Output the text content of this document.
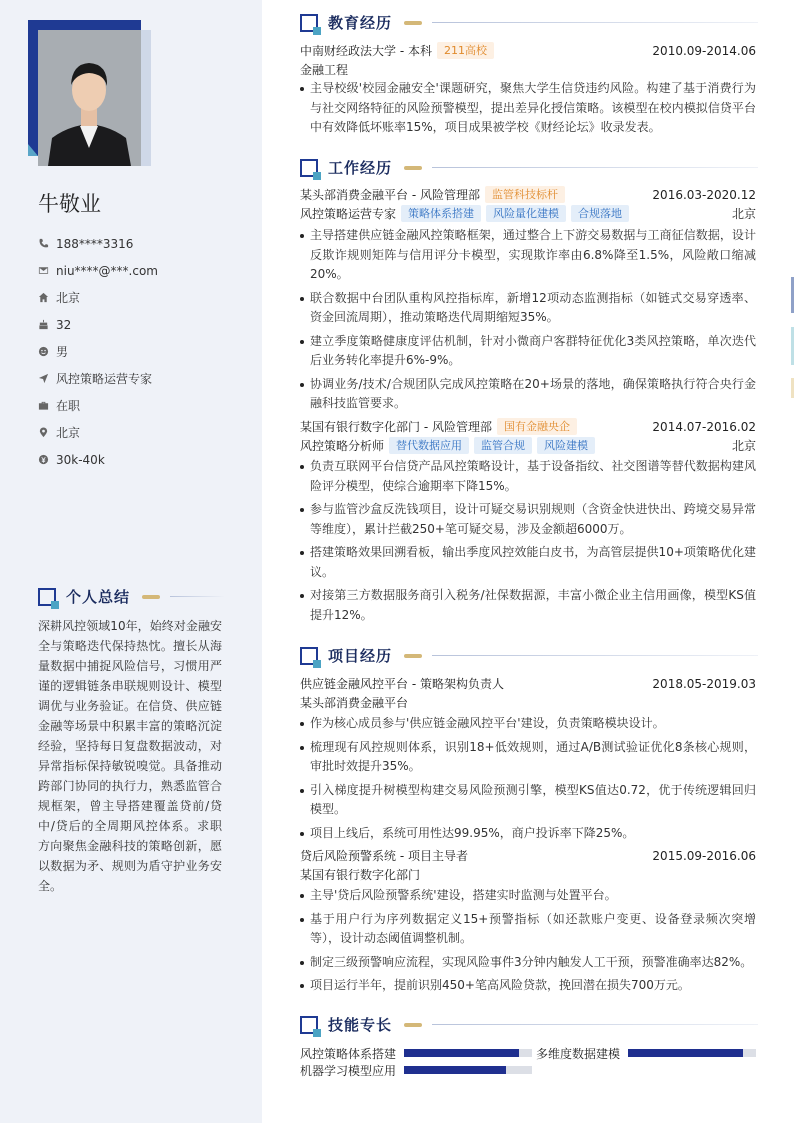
牛敬业
188****3316
niu****@***.com
北京
32
男
风控策略运营专家
在职
北京
30k-40k
个人总结
深耕风控领域10年，始终对金融安全与策略迭代保持热忱。擅长从海量数据中捕捉风险信号，习惯用严谨的逻辑链条串联规则设计、模型调优与业务验证。在信贷、供应链金融等场景中积累丰富的策略沉淀经验，坚持每日复盘数据波动，对异常指标保持敏锐嗅觉。具备推动跨部门协同的执行力，熟悉监管合规框架，曾主导搭建覆盖贷前/贷中/贷后的全周期风控体系。求职方向聚焦金融科技的策略创新，愿以数据为矛、规则为盾守护业务安全。
教育经历
中南财经政法大学 - 本科	211高校	2010.09-2014.06
金融工程
主导校级'校园金融安全'课题研究，聚焦大学生信贷违约风险。构建了基于消费行为与社交网络特征的风险预警模型，提出差异化授信策略。该模型在校内模拟信贷平台中有效降低坏账率15%，项目成果被学校《财经论坛》收录发表。
工作经历
某头部消费金融平台 - 风险管理部	监管科技标杆	2016.03-2020.12
风控策略运营专家	策略体系搭建	风险量化建模	合规落地	北京
主导搭建供应链金融风控策略框架，通过整合上下游交易数据与工商征信数据，设计反欺诈规则矩阵与信用评分卡模型，实现欺诈率由6.8%降至1.5%，风险敞口缩减20%。
联合数据中台团队重构风控指标库，新增12项动态监测指标（如链式交易穿透率、资金回流周期），推动策略迭代周期缩短35%。
建立季度策略健康度评估机制，针对小微商户客群特征优化3类风控策略，单次迭代后业务转化率提升6%-9%。
协调业务/技术/合规团队完成风控策略在20+场景的落地，确保策略执行符合央行金融科技监管要求。
某国有银行数字化部门 - 风险管理部	国有金融央企	2014.07-2016.02
风控策略分析师	替代数据应用	监管合规	风险建模	北京
负责互联网平台信贷产品风控策略设计，基于设备指纹、社交图谱等替代数据构建风险评分模型，使综合逾期率下降15%。
参与监管沙盒反洗钱项目，设计可疑交易识别规则（含资金快进快出、跨境交易异常等维度），累计拦截250+笔可疑交易，涉及金额超6000万。
搭建策略效果回溯看板，输出季度风控效能白皮书，为高管层提供10+项策略优化建议。
对接第三方数据服务商引入税务/社保数据源，丰富小微企业主信用画像，模型KS值提升12%。
项目经历
供应链金融风控平台 - 策略架构负责人	2018.05-2019.03
某头部消费金融平台
作为核心成员参与'供应链金融风控平台'建设，负责策略模块设计。
梳理现有风控规则体系，识别18+低效规则，通过A/B测试验证优化8条核心规则，审批时效提升35%。
引入梯度提升树模型构建交易风险预测引擎，模型KS值达0.72，优于传统逻辑回归模型。
项目上线后，系统可用性达99.95%，商户投诉率下降25%。
贷后风险预警系统 - 项目主导者	2015.09-2016.06
某国有银行数字化部门
主导'贷后风险预警系统'建设，搭建实时监测与处置平台。
基于用户行为序列数据定义15+预警指标（如还款账户变更、设备登录频次突增等），设计动态阈值调整机制。
制定三级预警响应流程，实现风险事件3分钟内触发人工干预，预警准确率达82%。
项目运行半年，提前识别450+笔高风险贷款，挽回潜在损失700万元。
技能专长
风控策略体系搭建	多维度数据建模
机器学习模型应用
